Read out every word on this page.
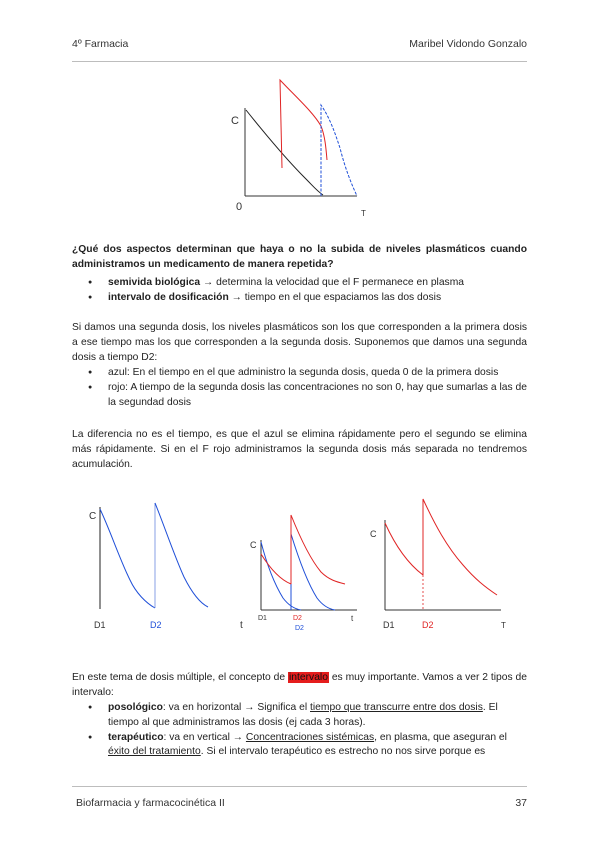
4º Farmacia	Maribel Vidondo Gonzalo
C
0
T
¿Qué dos aspectos determinan que haya o no la subida de niveles plasmáticos cuando administramos un medicamento de manera repetida?
● semivida biológica → determina la velocidad que el F permanece en plasma
● intervalo de dosificación → tiempo en el que espaciamos las dos dosis
Si damos una segunda dosis, los niveles plasmáticos son los que corresponden a la primera dosis a ese tiempo mas los que corresponden a la segunda dosis. Suponemos que damos una segunda dosis a tiempo D2:
● azul: En el tiempo en el que administro la segunda dosis, queda 0 de la primera dosis
● rojo: A tiempo de la segunda dosis las concentraciones no son 0, hay que sumarlas a las de la segundad dosis
La diferencia no es el tiempo, es que el azul se elimina rápidamente pero el segundo se elimina más rápidamente. Si en el F rojo administramos la segunda dosis más separada no tendremos acumulación.
C
D1	D2
C
t
D1	D2
D2
t
C
D1	D2	T
En este tema de dosis múltiple, el concepto de intervalo es muy importante. Vamos a ver 2 tipos de intervalo:
● posológico: va en horizontal → Significa el tiempo que transcurre entre dos dosis. El tiempo al que administramos las dosis (ej cada 3 horas).
● terapéutico: va en vertical → Concentraciones sistémicas, en plasma, que aseguran el éxito del tratamiento. Si el intervalo terapéutico es estrecho no nos sirve porque es
Biofarmacia y farmacocinética II	37
